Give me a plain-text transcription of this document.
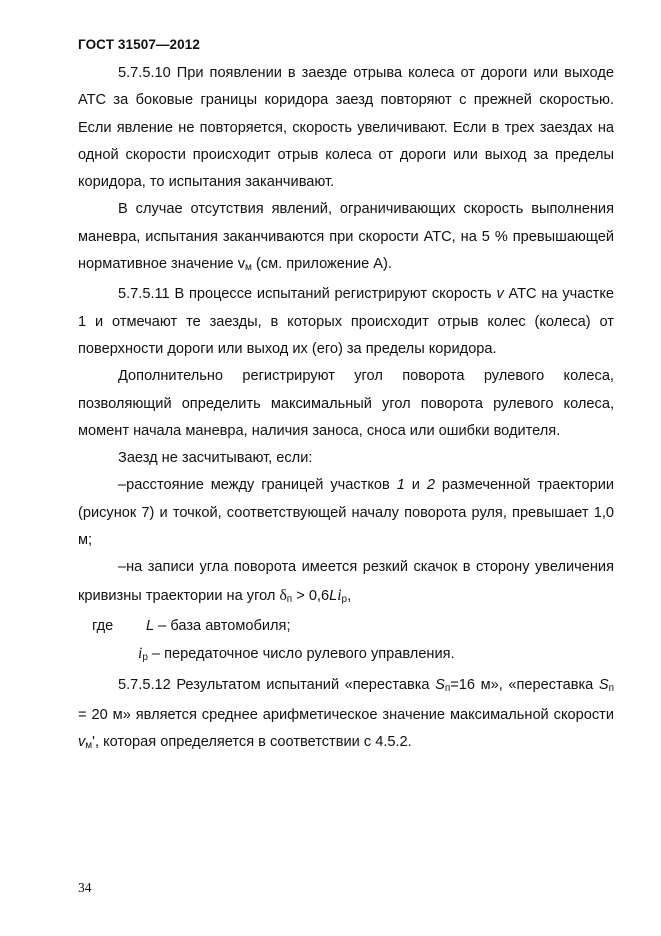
ГОСТ 31507—2012

5.7.5.10 При появлении в заезде отрыва колеса от дороги или выходе АТС за боковые границы коридора заезд повторяют с прежней скоростью. Если явление не повторяется, скорость увеличивают. Если в трех заездах на одной скорости происходит отрыв колеса от дороги или выход за пределы коридора, то испытания заканчивают.

В случае отсутствия явлений, ограничивающих скорость выполнения маневра, испытания заканчиваются при скорости АТС, на 5 % превышающей нормативное значение $v_м$ (см. приложение А).

5.7.5.11 В процессе испытаний регистрируют скорость v АТС на участке 1 и отмечают те заезды, в которых происходит отрыв колес (колеса) от поверхности дороги или выход их (его) за пределы коридора.

Дополнительно регистрируют угол поворота рулевого колеса, позволяющий определить максимальный угол поворота рулевого колеса, момент начала маневра, наличия заноса, сноса или ошибки водителя.

Заезд не засчитывают, если:

–расстояние между границей участков 1 и 2 размеченной траектории (рисунок 7) и точкой, соответствующей началу поворота руля, превышает 1,0 м;

–на записи угла поворота имеется резкий скачок в сторону увеличения кривизны траектории на угол $\delta_п > 0,6Li_p$,

где L – база автомобиля;

$i_p$ – передаточное число рулевого управления.

5.7.5.12 Результатом испытаний «переставка $S_п=16$ м», «переставка $S_п = 20$ м» является среднее арифметическое значение максимальной скорости $v_м'$, которая определяется в соответствии с 4.5.2.

34
